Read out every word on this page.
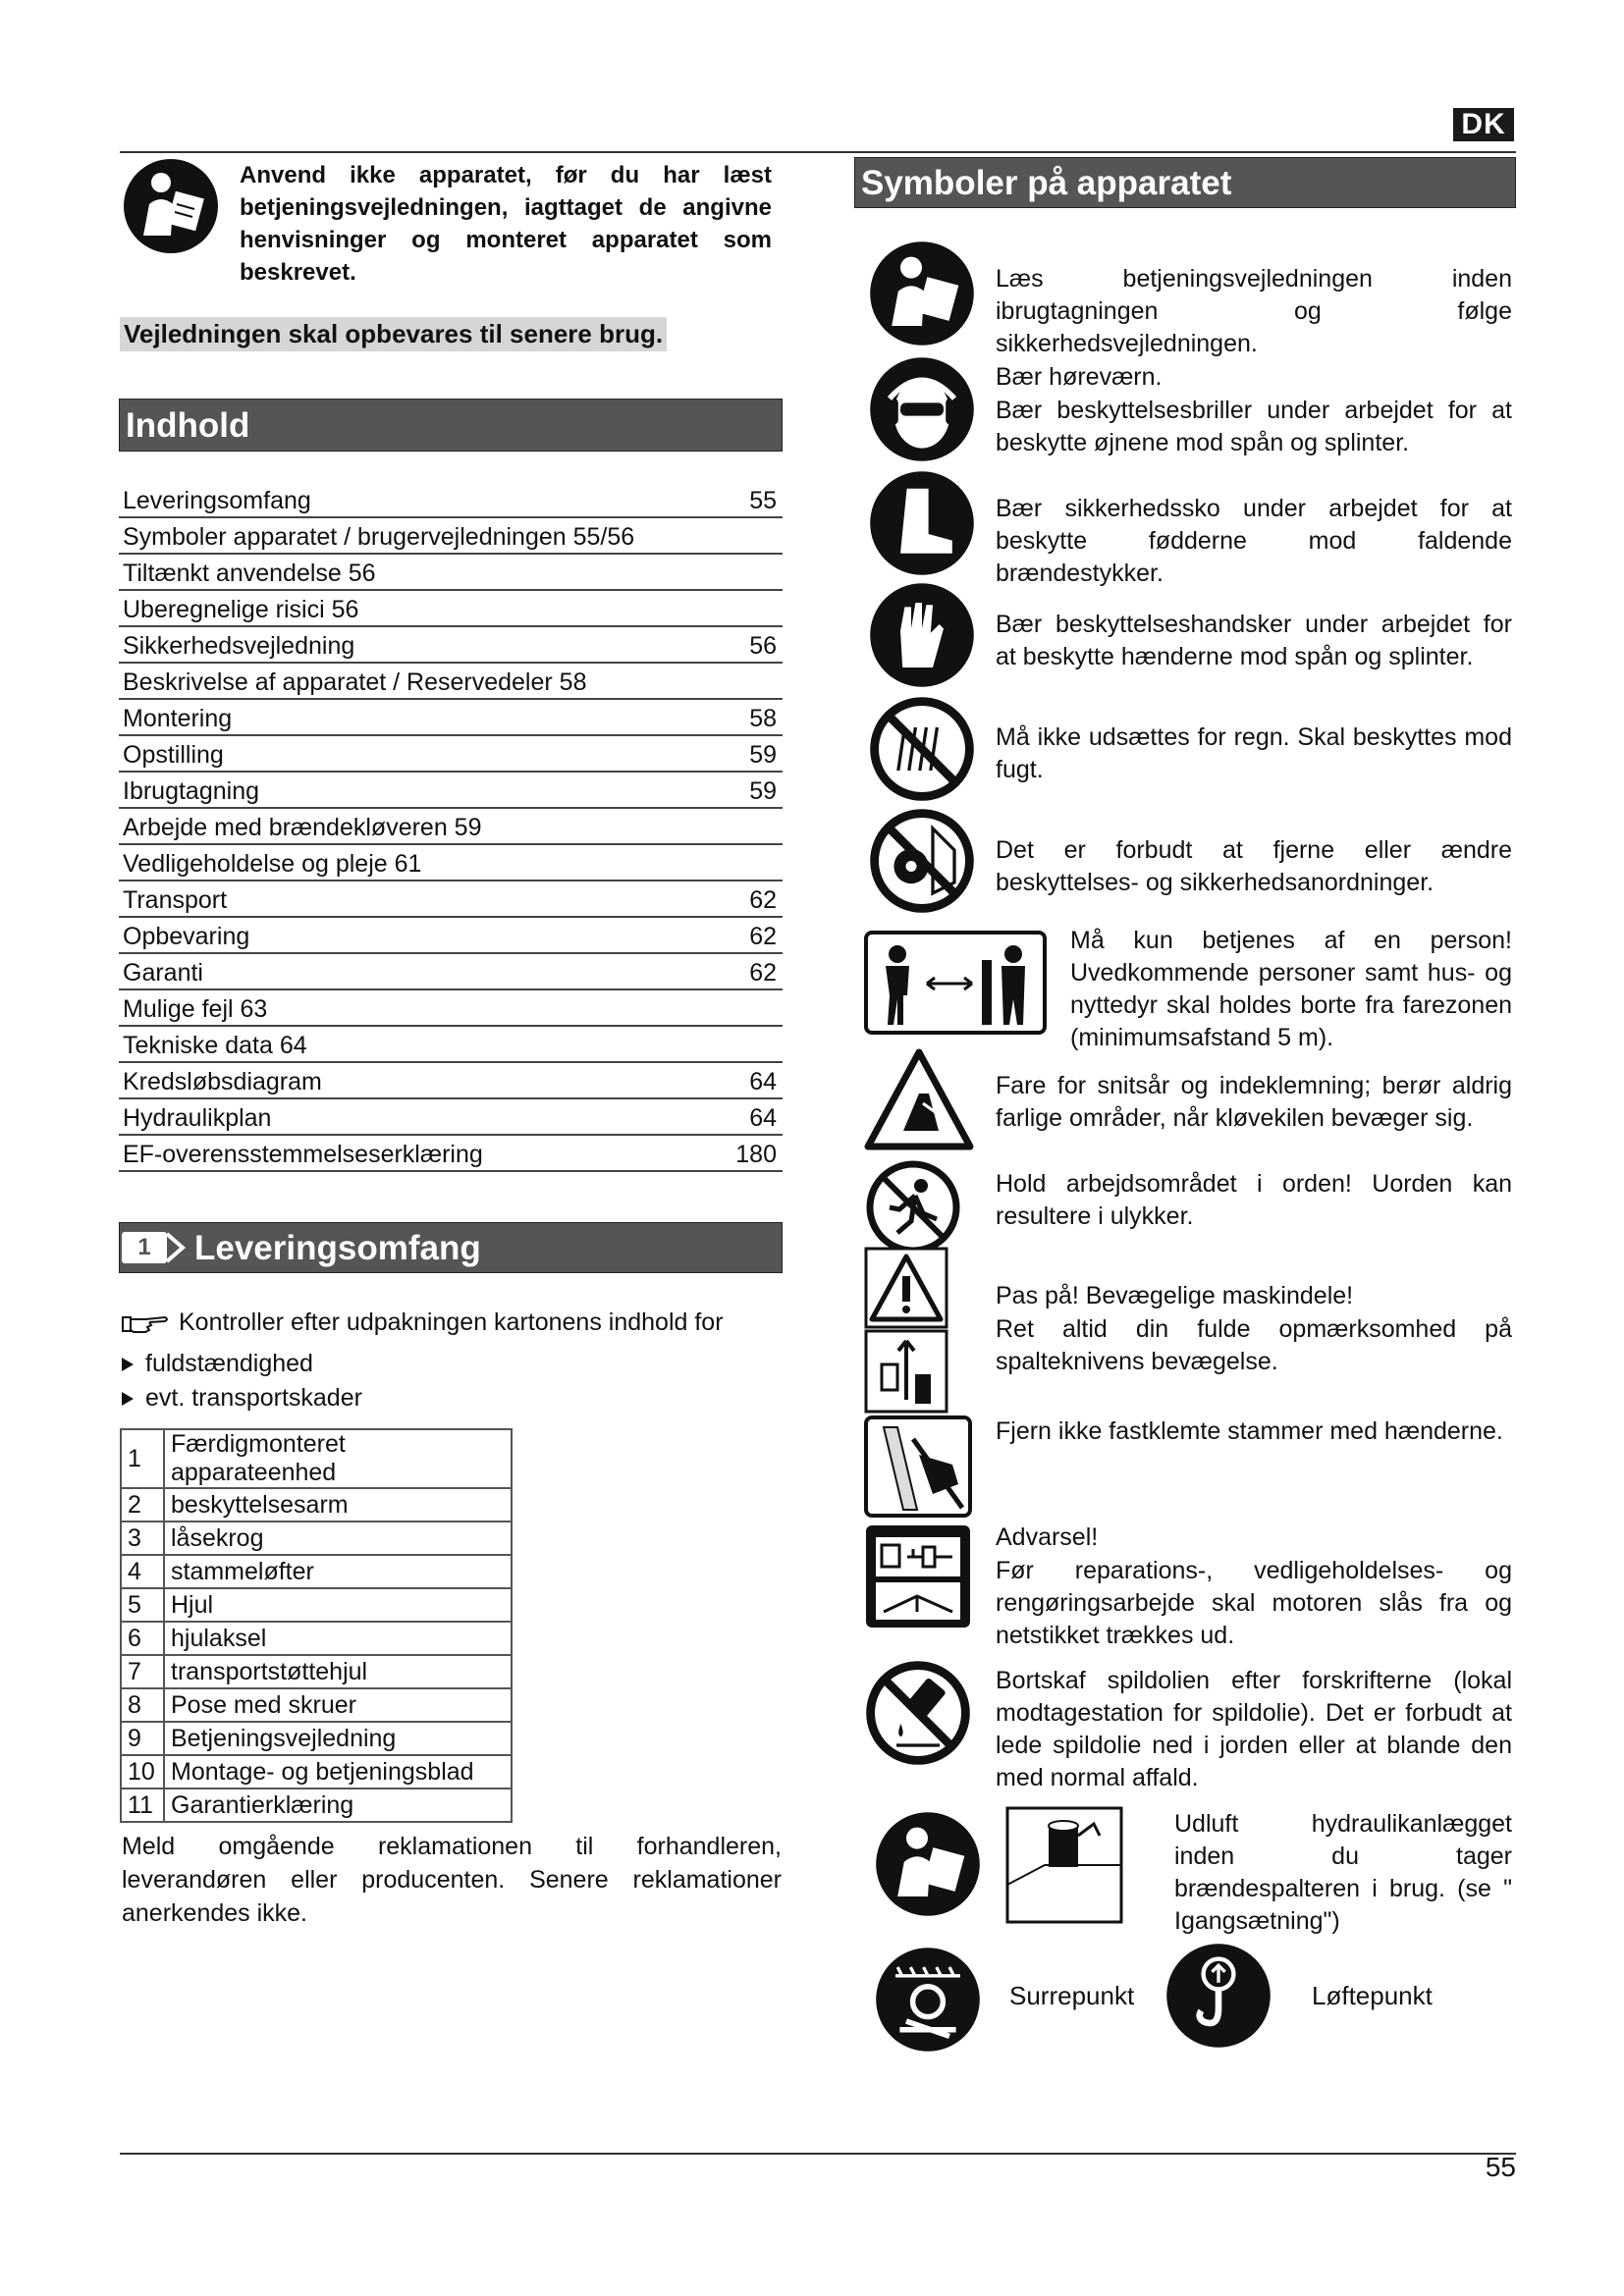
DK
Anvend ikke apparatet, før du har læst betjeningsvejledningen, iagttaget de angivne henvisninger og monteret apparatet som beskrevet.
Vejledningen skal opbevares til senere brug.
Indhold
Leveringsomfang	55
Symboler apparatet / brugervejledningen 55/56
Tiltænkt anvendelse 56
Uberegnelige risici 56
Sikkerhedsvejledning	56
Beskrivelse af apparatet / Reservedeler 58
Montering	58
Opstilling	59
Ibrugtagning	59
Arbejde med brændekløveren 59
Vedligeholdelse og pleje 61
Transport	62
Opbevaring	62
Garanti	62
Mulige fejl 63
Tekniske data 64
Kredsløbsdiagram	64
Hydraulikplan	64
EF-overensstemmelseserklæring	180
Leveringsomfang
1
Kontroller efter udpakningen kartonens indhold for
fuldstændighed
evt. transportskader
1	Færdigmonteret apparateenhed
2	beskyttelsesarm
3	låsekrog
4	stammeløfter
5	Hjul
6	hjulaksel
7	transportstøttehjul
8	Pose med skruer
9	Betjeningsvejledning
10	Montage- og betjeningsblad
11	Garantierklæring
Meld omgående reklamationen til forhandleren, leverandøren eller producenten. Senere reklamationer anerkendes ikke.
Symboler på apparatet
Læs betjeningsvejledningen inden ibrugtagningen og følge sikkerhedsvejledningen.
Bær høreværn.
Bær beskyttelsesbriller under arbejdet for at beskytte øjnene mod spån og splinter.
Bær sikkerhedssko under arbejdet for at beskytte fødderne mod faldende brændestykker.
Bær beskyttelseshandsker under arbejdet for at beskytte hænderne mod spån og splinter.
Må ikke udsættes for regn. Skal beskyttes mod fugt.
Det er forbudt at fjerne eller ændre beskyttelses- og sikkerhedsanordninger.
Må kun betjenes af en person! Uvedkommende personer samt hus- og nyttedyr skal holdes borte fra farezonen (minimumsafstand 5 m).
Fare for snitsår og indeklemning; berør aldrig farlige områder, når kløvekilen bevæger sig.
Hold arbejdsområdet i orden! Uorden kan resultere i ulykker.
Pas på! Bevægelige maskindele!
Ret altid din fulde opmærksomhed på spalteknivens bevægelse.
Fjern ikke fastklemte stammer med hænderne.
Advarsel!
Før reparations-, vedligeholdelses- og rengøringsarbejde skal motoren slås fra og netstikket trækkes ud.
Bortskaf spildolien efter forskrifterne (lokal modtagestation for spildolie). Det er forbudt at lede spildolie ned i jorden eller at blande den med normal affald.
Udluft hydraulikanlægget inden du tager brændespalteren i brug. (se " Igangsætning")
Surrepunkt	Løftepunkt
55
